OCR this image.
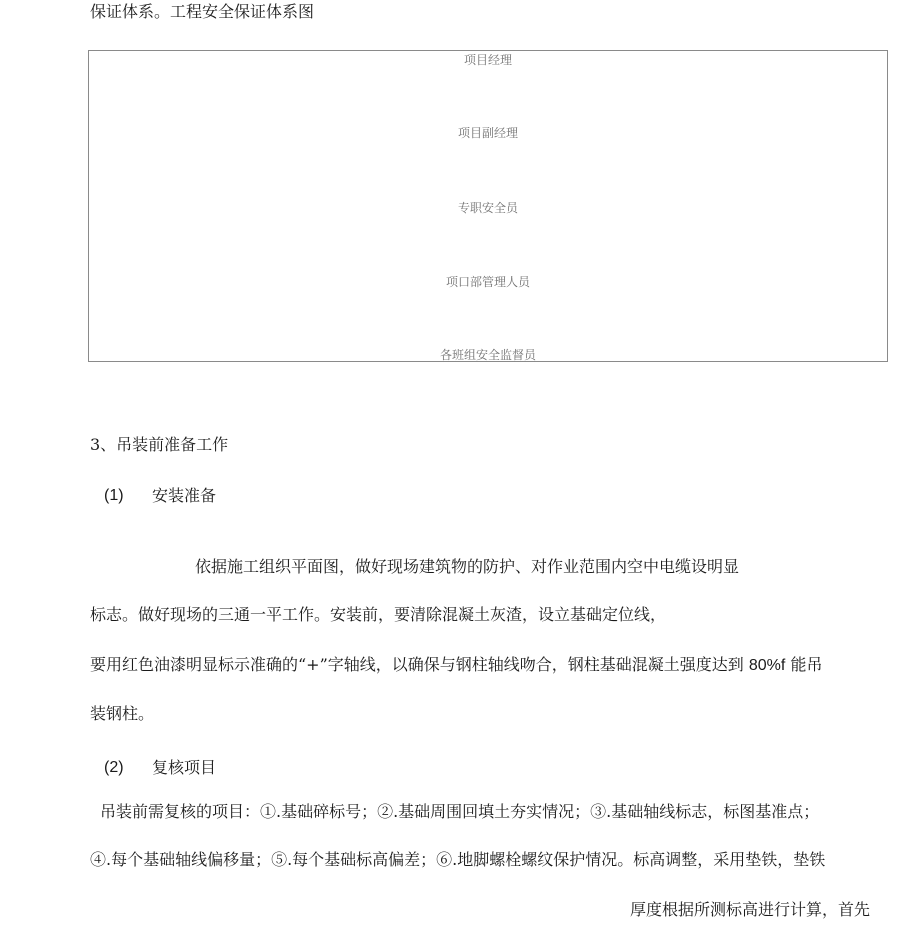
保证体系。工程安全保证体系图
项目经理
项目副经理
专职安全员
项口部管理人员
各班组安全监督员
3、吊装前准备工作
(1) 安装准备
依据施工组织平面图，做好现场建筑物的防护、对作业范围内空中电缆设明显
标志。做好现场的三通一平工作。安装前，要清除混凝土灰渣，设立基础定位线，
要用红色油漆明显标示准确的“+”字轴线，以确保与钢柱轴线吻合，钢柱基础混凝土强度达到 80%f 能吊
装钢柱。
(2) 复核项目
吊装前需复核的项目：①.基础碎标号；②.基础周围回填土夯实情况；③.基础轴线标志，标图基准点；
④.每个基础轴线偏移量；⑤.每个基础标高偏差；⑥.地脚螺栓螺纹保护情况。标高调整，采用垫铁，垫铁
厚度根据所测标高进行计算，首先
